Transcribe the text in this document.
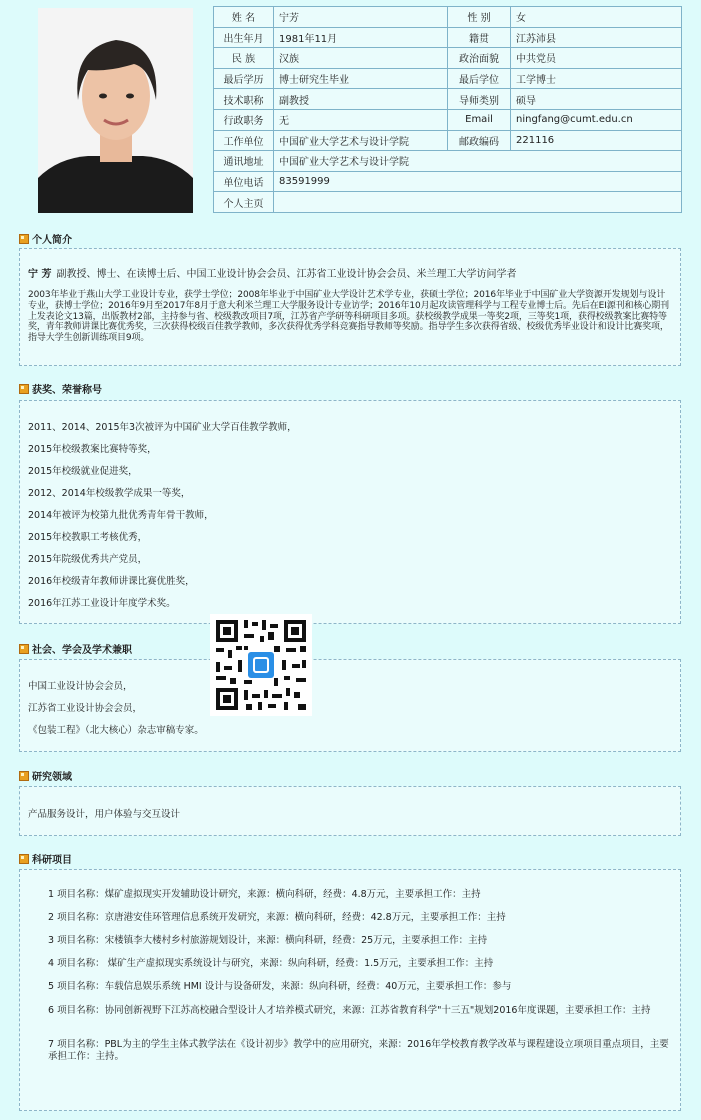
姓 名	宁芳	性 别	女
出生年月	1981年11月	籍贯	江苏沛县
民 族	汉族	政治面貌	中共党员
最后学历	博士研究生毕业	最后学位	工学博士
技术职称	副教授	导师类别	硕导
行政职务	无	Email	ningfang@cumt.edu.cn
工作单位	中国矿业大学艺术与设计学院	邮政编码	221116
通讯地址	中国矿业大学艺术与设计学院		
单位电话	83591999		
个人主页			
个人简介

宁 芳 副教授、博士、在读博士后、中国工业设计协会会员、江苏省工业设计协会会员、米兰理工大学访问学者

2003年毕业于燕山大学工业设计专业，获学士学位；2008年毕业于中国矿业大学设计艺术学专业，获硕士学位；2016年毕业于中国矿业大学资源开发规划与设计专业，获博士学位；2016年9月至2017年8月于意大利米兰理工大学服务设计专业访学；2016年10月起攻读管理科学与工程专业博士后。先后在EI源刊和核心期刊上发表论文13篇，出版教材2部，主持参与省、校级教改项目7项，江苏省产学研等科研项目多项。获校级教学成果一等奖2项，三等奖1项，获得校级教案比赛特等奖，青年教师讲课比赛优秀奖，三次获得校级百佳教学教师，多次获得优秀学科竞赛指导教师等奖励。指导学生多次获得省级、校级优秀毕业设计和设计比赛奖项，指导大学生创新训练项目9项。

获奖、荣誉称号

2011、2014、2015年3次被评为中国矿业大学百佳教学教师，

2015年校级教案比赛特等奖，

2015年校级就业促进奖，

2012、2014年校级教学成果一等奖，

2014年被评为校第九批优秀青年骨干教师，

2015年校教职工考核优秀，

2015年院级优秀共产党员，

2016年校级青年教师讲课比赛优胜奖，

2016年江苏工业设计年度学术奖。

社会、学会及学术兼职

中国工业设计协会会员，

江苏省工业设计协会会员，

《包装工程》（北大核心）杂志审稿专家。

研究领域

产品服务设计，用户体验与交互设计

科研项目

1 项目名称：煤矿虚拟现实开发辅助设计研究，来源：横向科研，经费：4.8万元，主要承担工作：主持

2 项目名称：京唐港安佳环管理信息系统开发研究，来源：横向科研，经费：42.8万元，主要承担工作：主持

3 项目名称：宋楼镇李大楼村乡村旅游规划设计，来源：横向科研，经费：25万元，主要承担工作：主持

4 项目名称： 煤矿生产虚拟现实系统设计与研究，来源：纵向科研，经费：1.5万元，主要承担工作：主持

5 项目名称：车载信息娱乐系统 HMI 设计与设备研发，来源：纵向科研，经费：40万元，主要承担工作：参与

6 项目名称：协同创新视野下江苏高校融合型设计人才培养模式研究，来源：江苏省教育科学"十三五"规划2016年度课题，主要承担工作：主持

7 项目名称：PBL为主的学生主体式教学法在《设计初步》教学中的应用研究，来源：2016年学校教育教学改革与课程建设立项项目重点项目，主要承担工作：主持。
